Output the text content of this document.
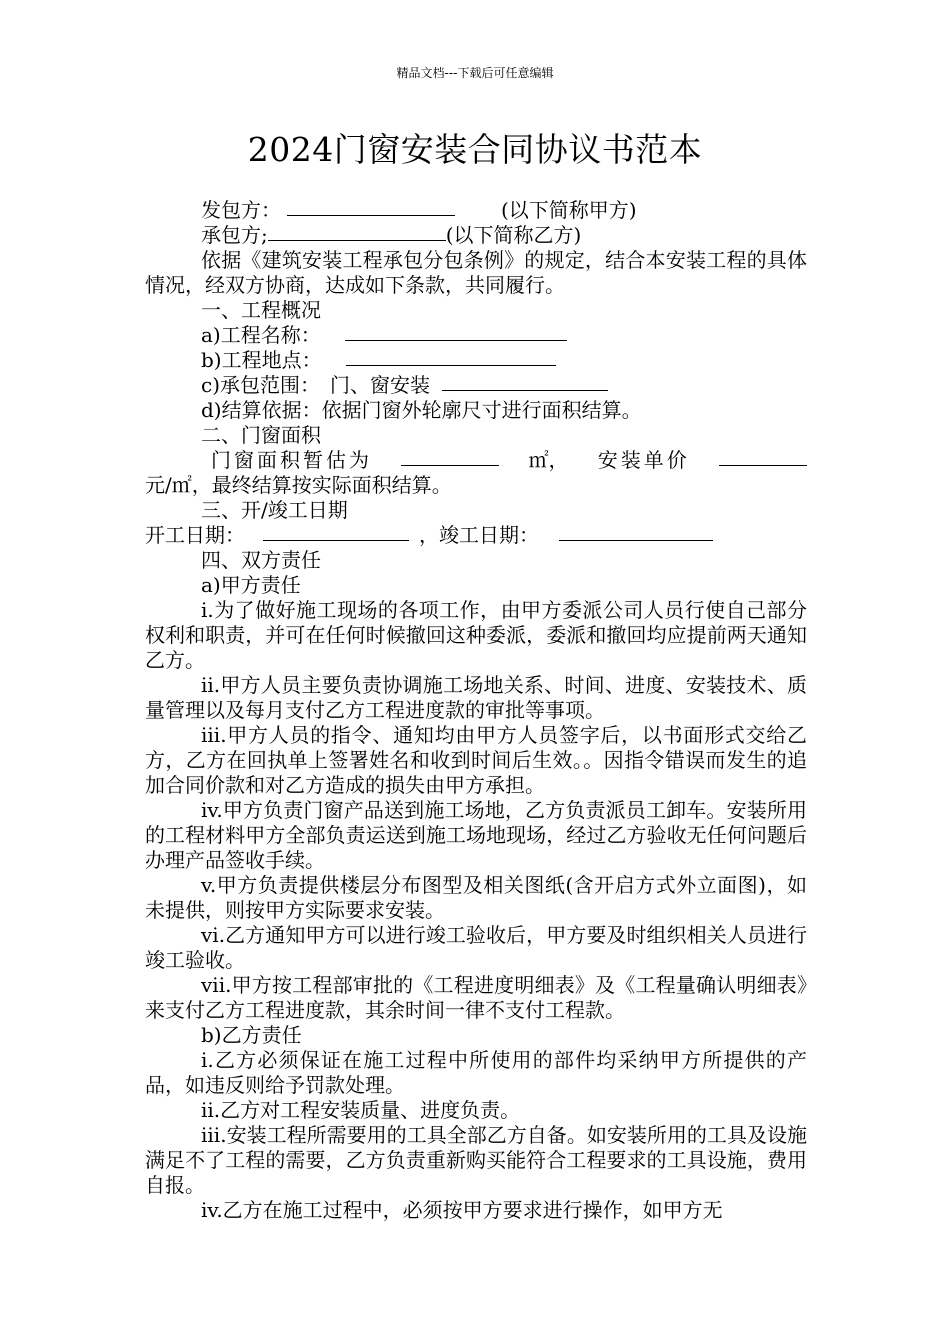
精品文档---下载后可任意编辑
2024门窗安装合同协议书范本
发包方：	(以下简称甲方)
承包方;	(以下简称乙方)

依据《建筑安装工程承包分包条例》的规定，结合本安装工程的具体情况，经双方协商，达成如下条款，共同履行。

一、工程概况

a)工程名称：
b)工程地点：
c)承包范围： 门、窗安装

d)结算依据：依据门窗外轮廓尺寸进行面积结算。

二、门窗面积

门窗面积暂估为	㎡， 安装单价

元/㎡，最终结算按实际面积结算。

三、开/竣工日期

开工日期：	，竣工日期：

四、双方责任

a)甲方责任

i.为了做好施工现场的各项工作，由甲方委派公司人员行使自己部分权利和职责，并可在任何时候撤回这种委派，委派和撤回均应提前两天通知乙方。

ii.甲方人员主要负责协调施工场地关系、时间、进度、安装技术、质量管理以及每月支付乙方工程进度款的审批等事项。

iii.甲方人员的指令、通知均由甲方人员签字后，以书面形式交给乙方，乙方在回执单上签署姓名和收到时间后生效。。因指令错误而发生的追加合同价款和对乙方造成的损失由甲方承担。

iv.甲方负责门窗产品送到施工场地，乙方负责派员工卸车。安装所用的工程材料甲方全部负责运送到施工场地现场，经过乙方验收无任何问题后办理产品签收手续。

v.甲方负责提供楼层分布图型及相关图纸(含开启方式外立面图)，如未提供，则按甲方实际要求安装。

vi.乙方通知甲方可以进行竣工验收后，甲方要及时组织相关人员进行竣工验收。

vii.甲方按工程部审批的《工程进度明细表》及《工程量确认明细表》来支付乙方工程进度款，其余时间一律不支付工程款。

b)乙方责任

i.乙方必须保证在施工过程中所使用的部件均采纳甲方所提供的产品，如违反则给予罚款处理。

ii.乙方对工程安装质量、进度负责。

iii.安装工程所需要用的工具全部乙方自备。如安装所用的工具及设施满足不了工程的需要，乙方负责重新购买能符合工程要求的工具设施，费用自报。

iv.乙方在施工过程中，必须按甲方要求进行操作，如甲方无
